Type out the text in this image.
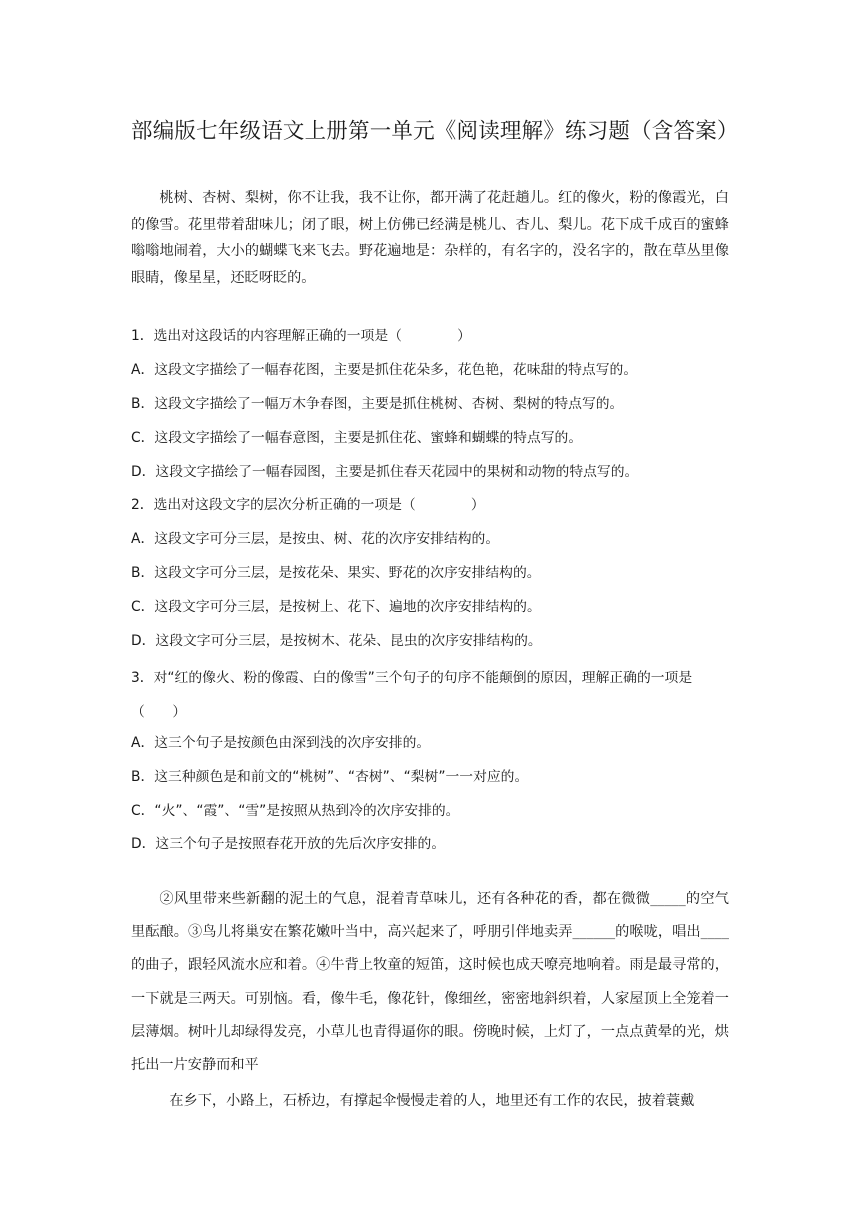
部编版七年级语文上册第一单元《阅读理解》练习题（含答案）

桃树、杏树、梨树，你不让我，我不让你，都开满了花赶趟儿。红的像火，粉的像霞光，白的像雪。花里带着甜味儿；闭了眼，树上仿佛已经满是桃儿、杏儿、梨儿。花下成千成百的蜜蜂嗡嗡地闹着，大小的蝴蝶飞来飞去。野花遍地是：杂样的，有名字的，没名字的，散在草丛里像眼睛，像星星，还眨呀眨的。

1．选出对这段话的内容理解正确的一项是（　　　　）
A．这段文字描绘了一幅春花图，主要是抓住花朵多，花色艳，花味甜的特点写的。
B．这段文字描绘了一幅万木争春图，主要是抓住桃树、杏树、梨树的特点写的。
C．这段文字描绘了一幅春意图，主要是抓住花、蜜蜂和蝴蝶的特点写的。
D．这段文字描绘了一幅春园图，主要是抓住春天花园中的果树和动物的特点写的。
2．选出对这段文字的层次分析正确的一项是（　　　　）
A．这段文字可分三层，是按虫、树、花的次序安排结构的。
B．这段文字可分三层，是按花朵、果实、野花的次序安排结构的。
C．这段文字可分三层，是按树上、花下、遍地的次序安排结构的。
D．这段文字可分三层，是按树木、花朵、昆虫的次序安排结构的。
3．对“红的像火、粉的像霞、白的像雪”三个句子的句序不能颠倒的原因，理解正确的一项是（　　）
A．这三个句子是按颜色由深到浅的次序安排的。
B．这三种颜色是和前文的“桃树”、“杏树”、“梨树”一一对应的。
C．“火”、“霞”、“雪”是按照从热到冷的次序安排的。
D．这三个句子是按照春花开放的先后次序安排的。

②风里带来些新翻的泥土的气息，混着青草味儿，还有各种花的香，都在微微_____的空气里酝酿。③鸟儿将巢安在繁花嫩叶当中，高兴起来了，呼朋引伴地卖弄______的喉咙，唱出____的曲子，跟轻风流水应和着。④牛背上牧童的短笛，这时候也成天嘹亮地响着。雨是最寻常的，一下就是三两天。可别恼。看，像牛毛，像花针，像细丝，密密地斜织着，人家屋顶上全笼着一层薄烟。树叶儿却绿得发亮，小草儿也青得逼你的眼。傍晚时候，上灯了，一点点黄晕的光，烘托出一片安静而和平

在乡下，小路上，石桥边，有撑起伞慢慢走着的人，地里还有工作的农民，披着蓑戴
